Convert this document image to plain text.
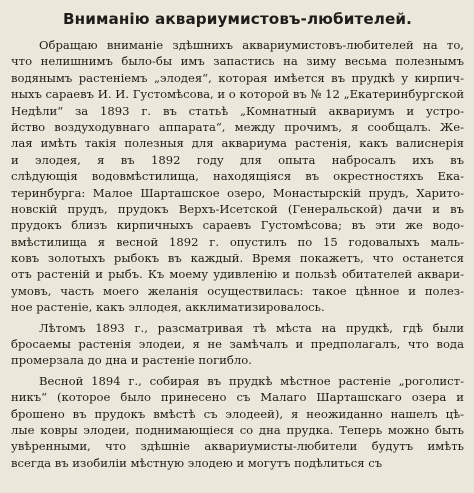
Вниманію аквариумистовъ-любителей.
Обращаю вниманіе здѣшнихъ аквариумистовъ-любителей на то,
что нелишнимъ было-бы имъ запастись на зиму весьма полезнымъ
водянымъ растеніемъ „элодея“, которая имѣется въ прудкѣ у кирпич-
ныхъ сараевъ И. И. Густомѣсова, и о которой въ № 12 „Екатеринбургской
Недѣли“ за 1893 г. въ статьѣ „Комнатный аквариумъ и устро-
йство воздуходувнаго аппарата“, между прочимъ, я сообщалъ. Же-
лая имѣть такія полезныя для аквариума растенія, какъ валиснерія
и элодея, я въ 1892 году для опыта набросалъ ихъ въ
слѣдующія водовмѣстилища, находящіяся въ окрестностяхъ Ека-
теринбурга: Малое Шарташское озеро, Монастырскій прудъ, Харито-
новскій прудъ, прудокъ Верхъ-Исетской (Генеральской) дачи и въ
прудокъ близъ кирпичныхъ сараевъ Густомѣсова; въ эти же водо-
вмѣстилища я весной 1892 г. опустилъ по 15 годовалыхъ маль-
ковъ золотыхъ рыбокъ въ каждый. Время покажетъ, что останется
отъ растеній и рыбъ. Къ моему удивленію и пользѣ обитателей аквари-
умовъ, часть моего желанія осуществилась: такое цѣнное и полез-
ное растеніе, какъ эллодея, акклиматизировалось.
Лѣтомъ 1893 г., разсматривая тѣ мѣста на прудкѣ, гдѣ были
бросаемы растенія элодеи, я не замѣчалъ и предполагалъ, что вода
промерзала до дна и растеніе погибло.
Весной 1894 г., собирая въ прудкѣ мѣстное растеніе „роголист-
никъ“ (которое было принесено съ Малаго Шарташскаго озера и
брошено въ прудокъ вмѣстѣ съ элодеей), я неожиданно нашелъ цѣ-
лые ковры элодеи, поднимающіеся со дна прудка. Теперь можно быть
увѣренными, что здѣшніе аквариумисты-любители будутъ имѣть
всегда въ изобиліи мѣстную элодею и могутъ подѣлиться съ
